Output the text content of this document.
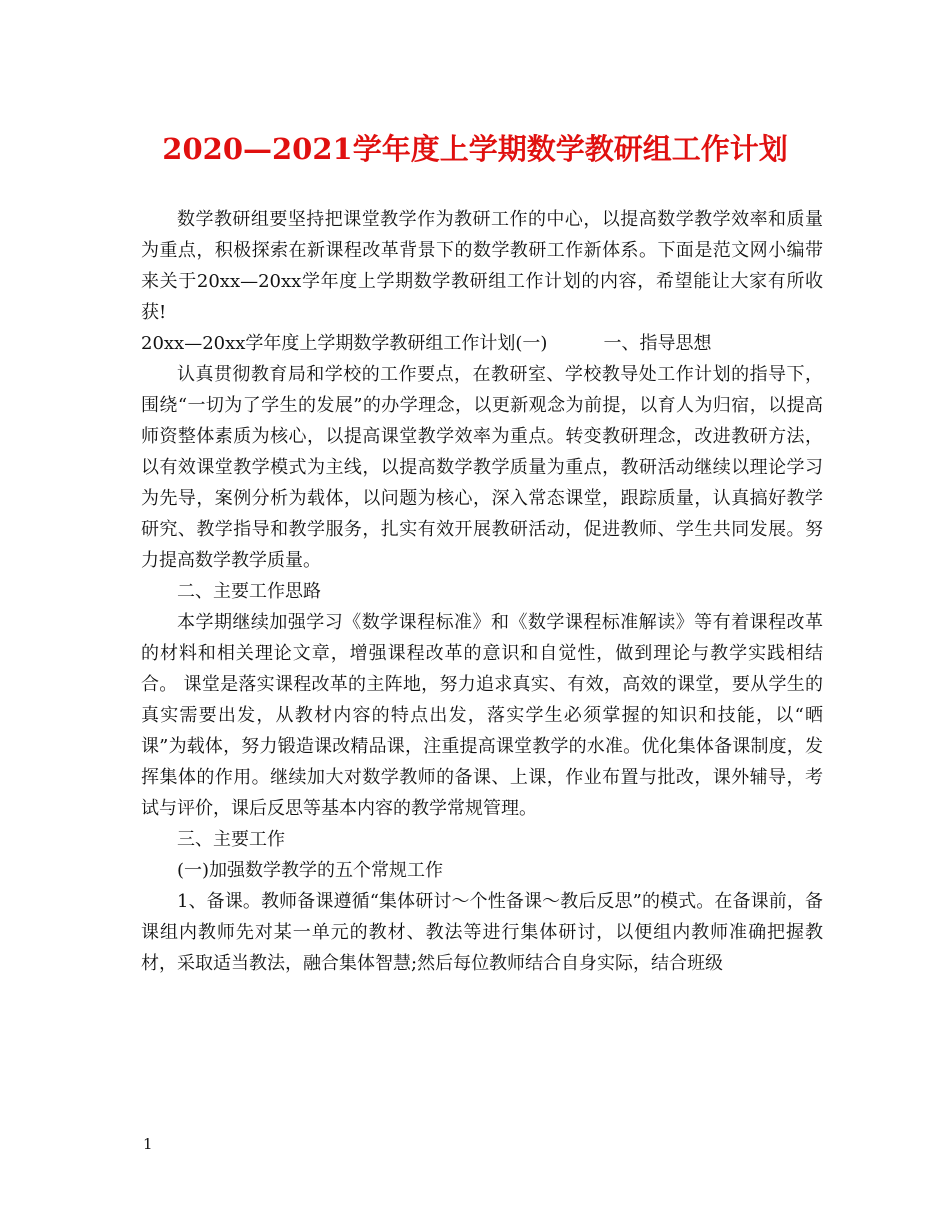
2020—2021学年度上学期数学教研组工作计划

数学教研组要坚持把课堂教学作为教研工作的中心，以提高数学教学效率和质量为重点，积极探索在新课程改革背景下的数学教研工作新体系。下面是范文网小编带来关于20xx—20xx学年度上学期数学教研组工作计划的内容，希望能让大家有所收获!

20xx—20xx学年度上学期数学教研组工作计划(一)	一、指导思想

认真贯彻教育局和学校的工作要点，在教研室、学校教导处工作计划的指导下，围绕“一切为了学生的发展”的办学理念，以更新观念为前提，以育人为归宿，以提高师资整体素质为核心，以提高课堂教学效率为重点。转变教研理念，改进教研方法，以有效课堂教学模式为主线，以提高数学教学质量为重点，教研活动继续以理论学习为先导，案例分析为载体，以问题为核心，深入常态课堂，跟踪质量，认真搞好教学研究、教学指导和教学服务，扎实有效开展教研活动，促进教师、学生共同发展。努力提高数学教学质量。

二、主要工作思路

本学期继续加强学习《数学课程标准》和《数学课程标准解读》等有着课程改革的材料和相关理论文章，增强课程改革的意识和自觉性，做到理论与教学实践相结合。 课堂是落实课程改革的主阵地，努力追求真实、有效，高效的课堂，要从学生的真实需要出发，从教材内容的特点出发，落实学生必须掌握的知识和技能，以“晒课”为载体，努力锻造课改精品课，注重提高课堂教学的水准。优化集体备课制度，发挥集体的作用。继续加大对数学教师的备课、上课，作业布置与批改，课外辅导，考试与评价，课后反思等基本内容的教学常规管理。

三、主要工作

(一)加强数学教学的五个常规工作

1、备课。教师备课遵循“集体研讨～个性备课～教后反思”的模式。在备课前，备课组内教师先对某一单元的教材、教法等进行集体研讨，以便组内教师准确把握教材，采取适当教法，融合集体智慧;然后每位教师结合自身实际，结合班级

1
